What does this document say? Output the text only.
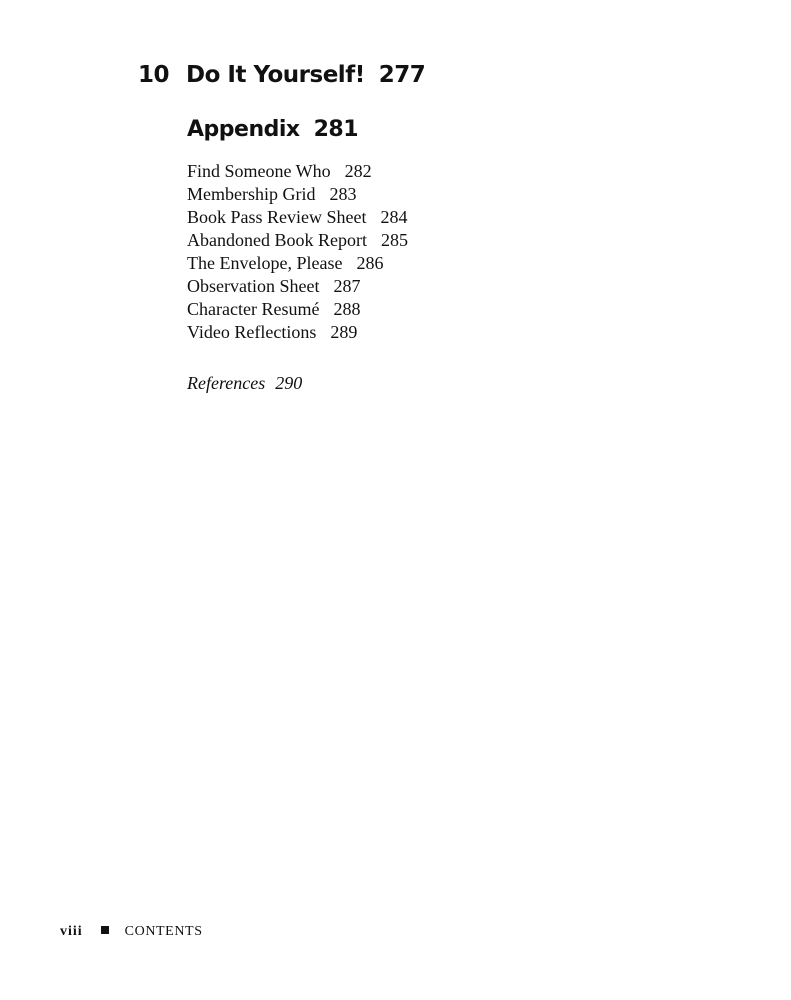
10 Do It Yourself! 277
Appendix 281
Find Someone Who 282
Membership Grid 283
Book Pass Review Sheet 284
Abandoned Book Report 285
The Envelope, Please 286
Observation Sheet 287
Character Resumé 288
Video Reflections 289
References 290
viii	CONTENTS
